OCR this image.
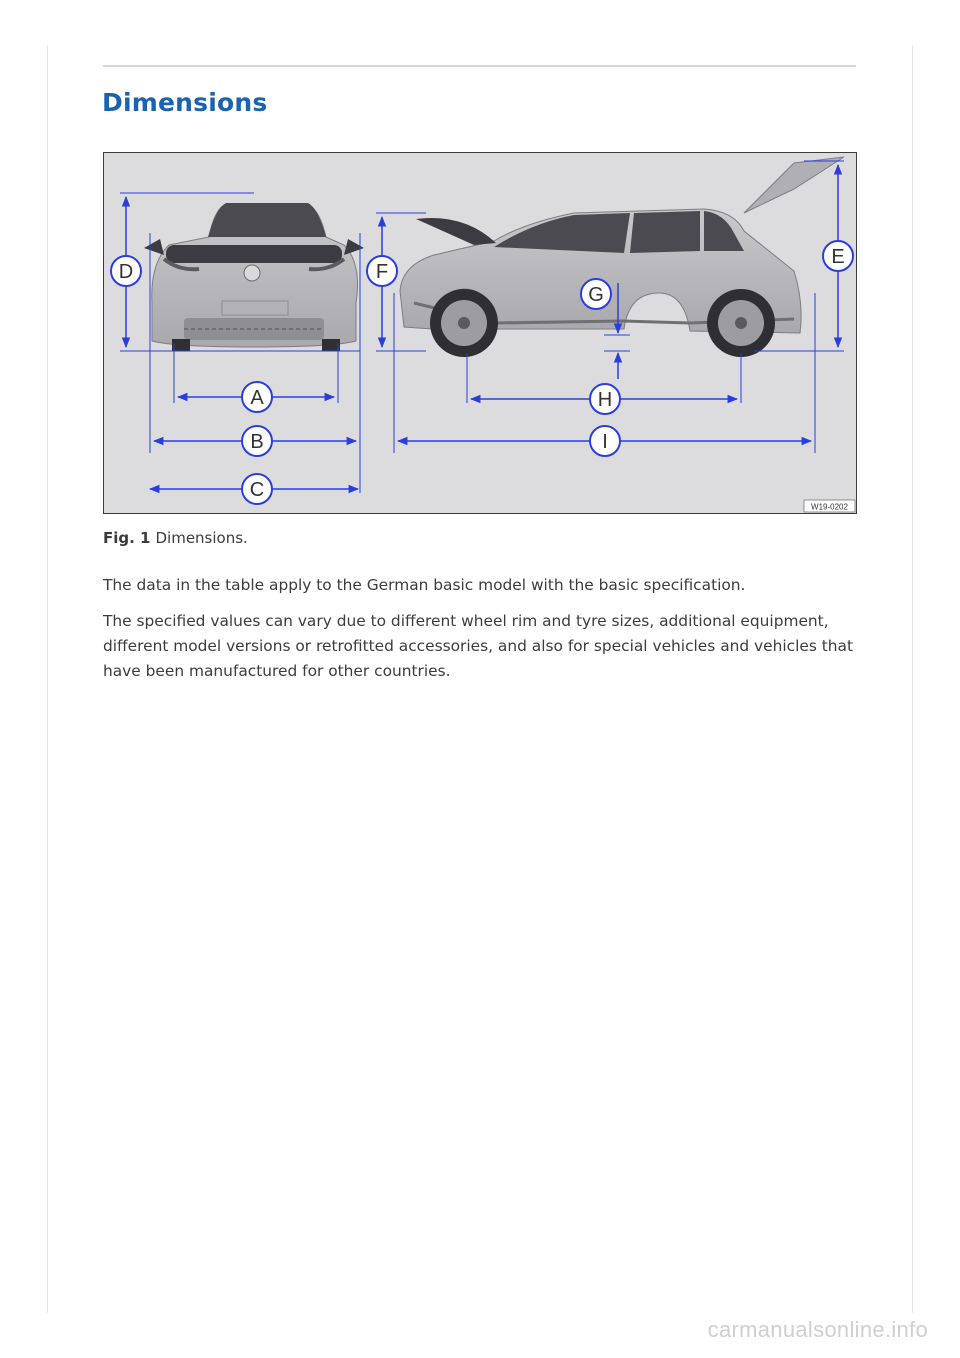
Dimensions
D	F
E
G
A
B
C
H
I
W19-0202
Fig. 1 Dimensions.

The data in the table apply to the German basic model with the basic specification.

The specified values can vary due to different wheel rim and tyre sizes, additional equipment, different model versions or retrofitted accessories, and also for special vehicles and vehicles that have been manufactured for other countries.

carmanualsonline.info
